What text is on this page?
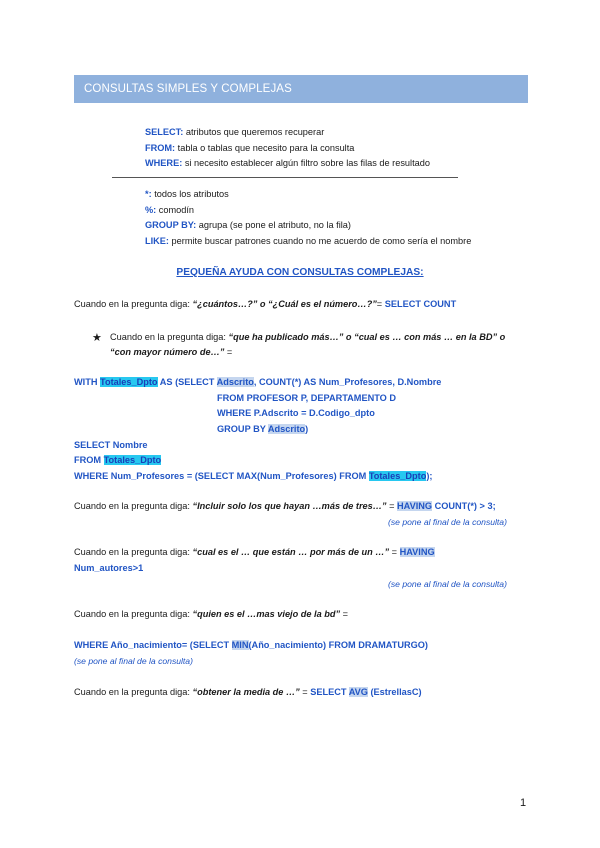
CONSULTAS SIMPLES Y COMPLEJAS
SELECT: atributos que queremos recuperar
FROM: tabla o tablas que necesito para la consulta
WHERE: si necesito establecer algún filtro sobre las filas de resultado
*: todos los atributos
%: comodín
GROUP BY: agrupa (se pone el atributo, no la fila)
LIKE: permite buscar patrones cuando no me acuerdo de como sería el nombre
PEQUEÑA AYUDA CON CONSULTAS COMPLEJAS:
Cuando en la pregunta diga: “¿cuántos…?” o “¿Cuál es el número…?”= SELECT COUNT
★ Cuando en la pregunta diga: “que ha publicado más…” o “cual es … con más … en la BD” o
“con mayor número de…” =
WITH Totales_Dpto AS (SELECT Adscrito, COUNT(*) AS Num_Profesores, D.Nombre
FROM PROFESOR P, DEPARTAMENTO D
WHERE P.Adscrito = D.Codigo_dpto
GROUP BY Adscrito)
SELECT Nombre
FROM Totales_Dpto
WHERE Num_Profesores = (SELECT MAX(Num_Profesores) FROM Totales_Dpto);
Cuando en la pregunta diga: “Incluir solo los que hayan …más de tres…” = HAVING COUNT(*) > 3;
(se pone al final de la consulta)
Cuando en la pregunta diga: “cual es el … que están … por más de un …” = HAVING
Num_autores>1
(se pone al final de la consulta)
Cuando en la pregunta diga: “quien es el …mas viejo de la bd” =
WHERE Año_nacimiento= (SELECT MIN(Año_nacimiento) FROM DRAMATURGO)
(se pone al final de la consulta)
Cuando en la pregunta diga: “obtener la media de …” = SELECT AVG (EstrellasC)
1
